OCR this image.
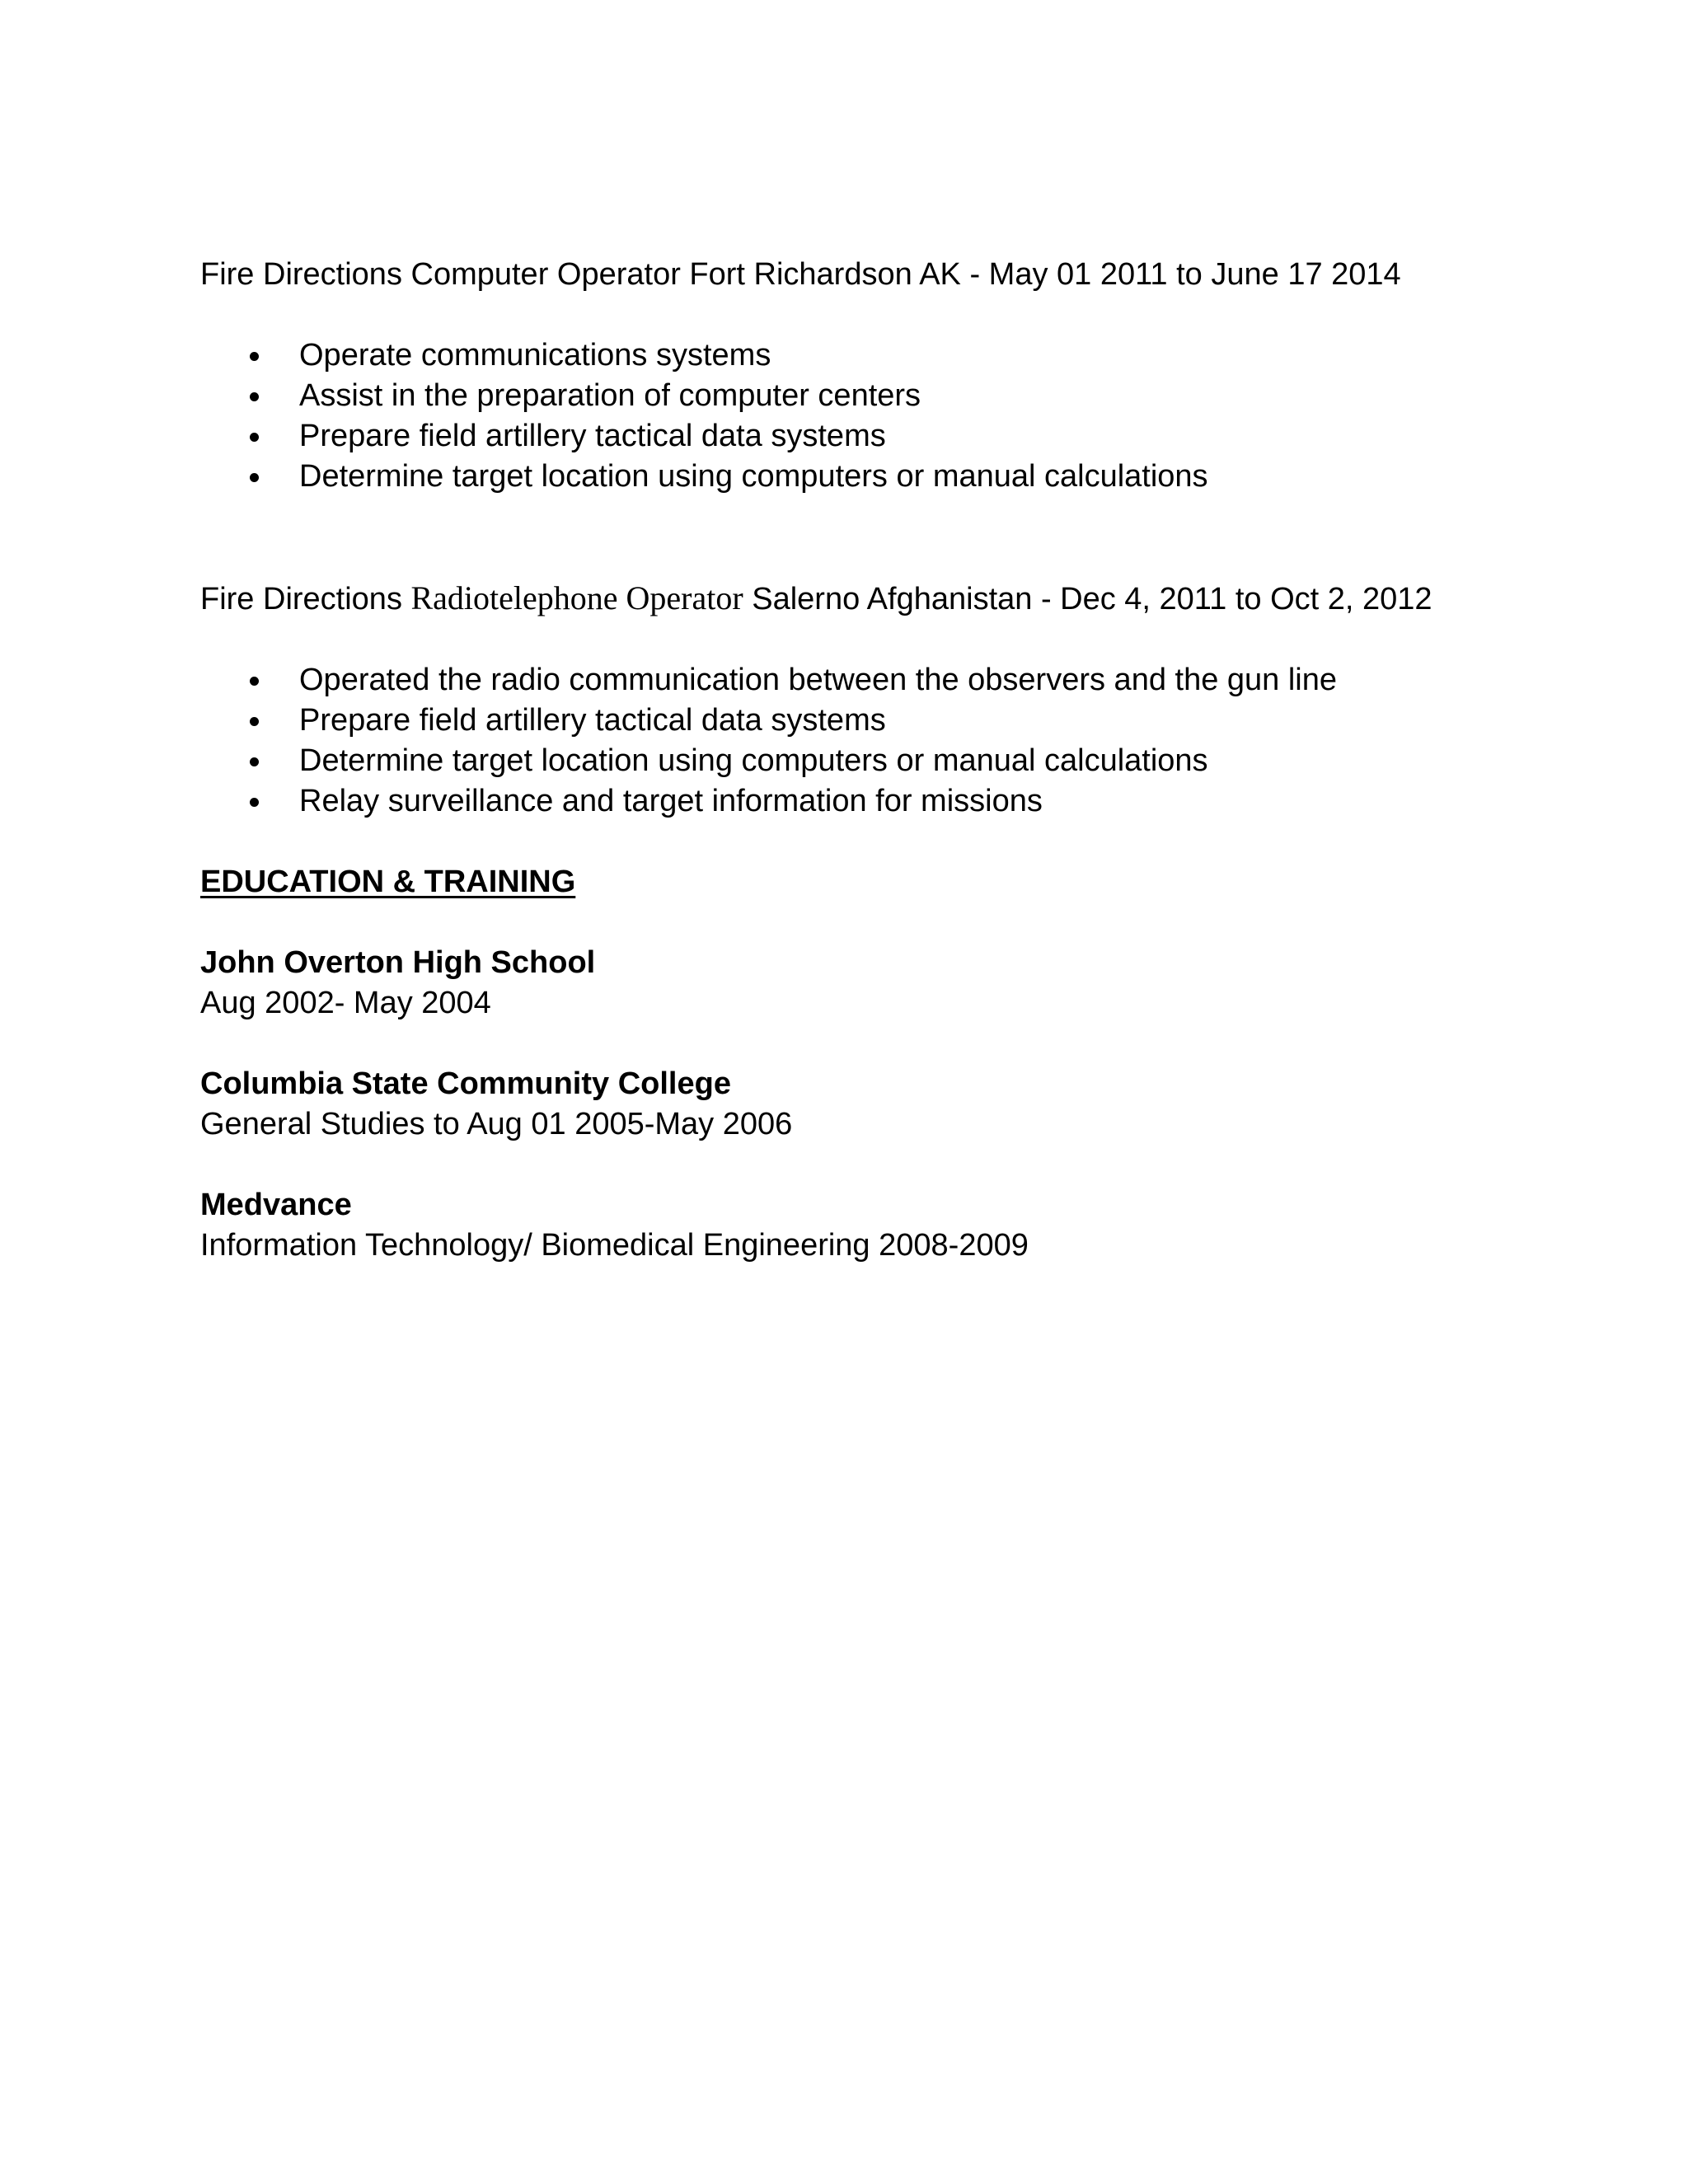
Fire Directions Computer Operator Fort Richardson AK - May 01 2011 to June 17 2014

Operate communications systems
Assist in the preparation of computer centers
Prepare field artillery tactical data systems
Determine target location using computers or manual calculations

Fire Directions Radiotelephone Operator Salerno Afghanistan - Dec 4, 2011 to Oct 2, 2012

Operated the radio communication between the observers and the gun line
Prepare field artillery tactical data systems
Determine target location using computers or manual calculations
Relay surveillance and target information for missions

EDUCATION & TRAINING

John Overton High School
Aug 2002- May 2004
Columbia State Community College
General Studies to Aug 01 2005-May 2006
Medvance
Information Technology/ Biomedical Engineering 2008-2009
